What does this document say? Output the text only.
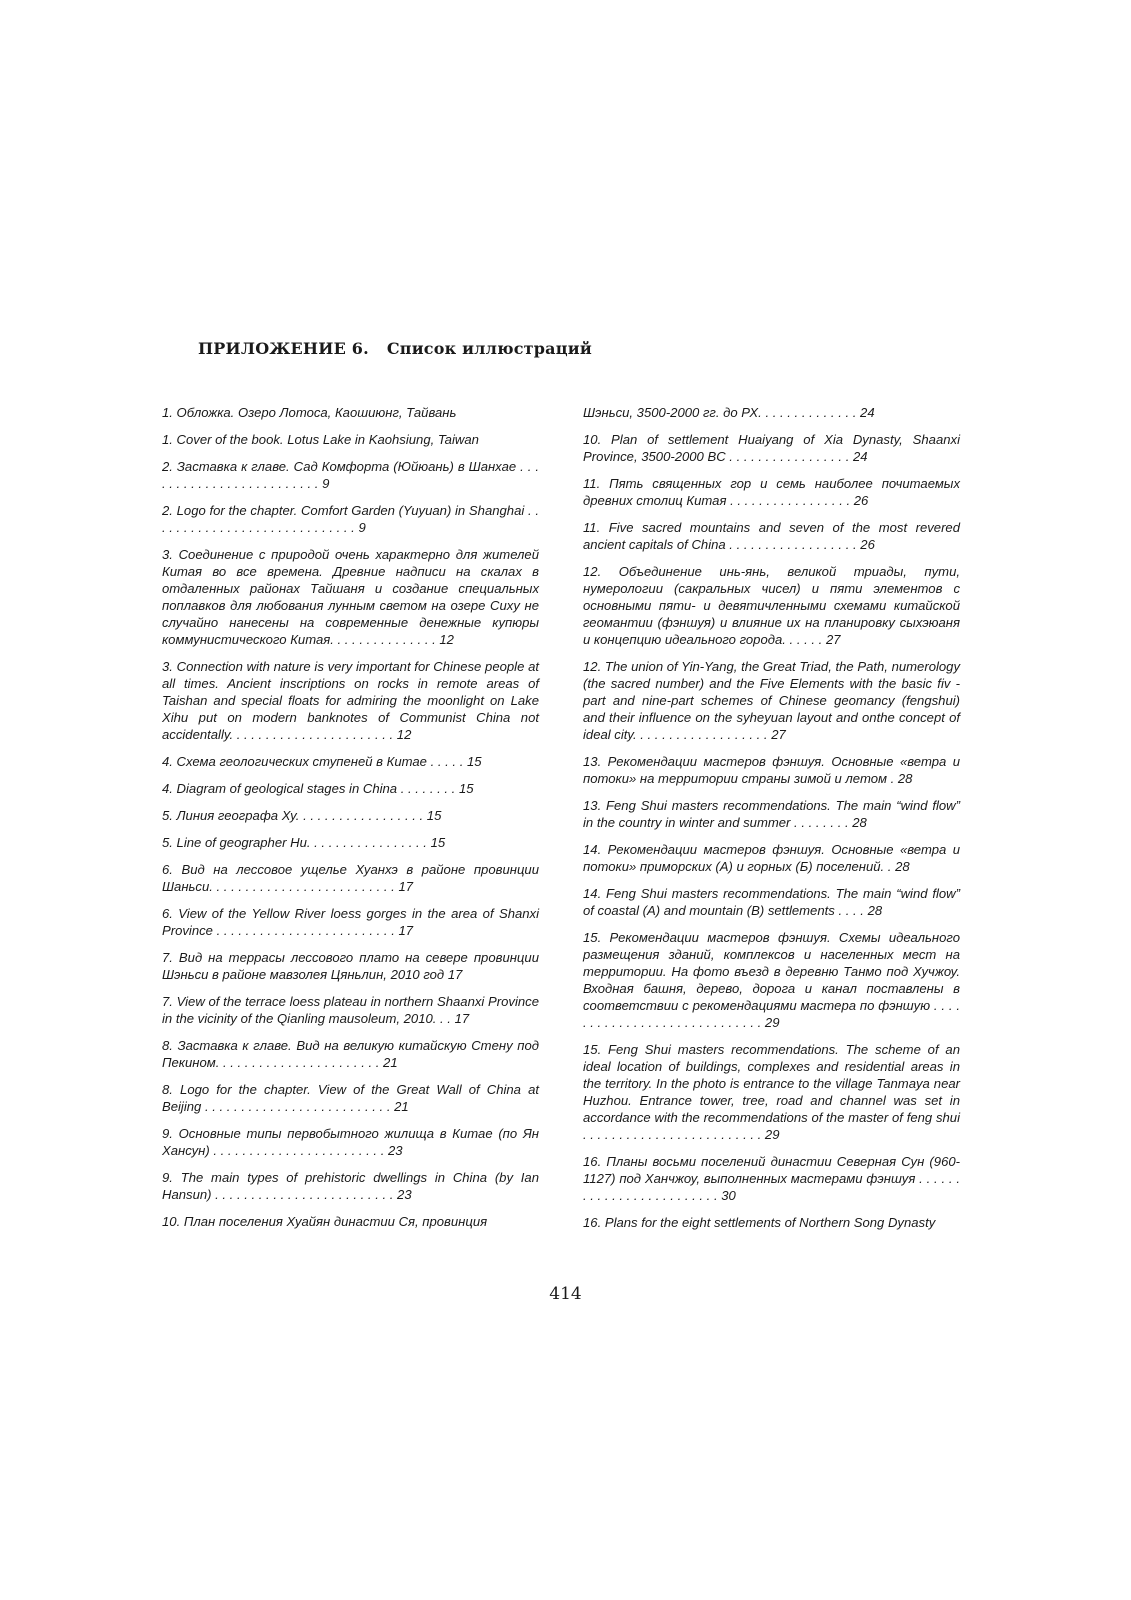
ПРИЛОЖЕНИЕ 6. Список иллюстраций

1. Обложка. Озеро Лотоса, Каошиюнг, Тайвань

1. Cover of the book. Lotus Lake in Kaohsiung, Taiwan

2. Заставка к главе. Сад Комфорта (Юйюань) в Шанхае . . . . . . . . . . . . . . . . . . . . . . . . . 9

2. Logo for the chapter. Comfort Garden (Yuyuan) in Shanghai . . . . . . . . . . . . . . . . . . . . . . . . . . . . . 9

3. Соединение с природой очень характерно для жителей Китая во все времена. Древние надписи на скалах в отдаленных районах Тайшаня и создание специальных поплавков для любования лунным светом на озере Сиху не случайно нанесены на современные денежные купюры коммунистического Китая. . . . . . . . . . . . . . . 12

3. Connection with nature is very important for Chinese people at all times. Ancient inscriptions on rocks in remote areas of Taishan and special floats for admiring the moonlight on Lake Xihu put on modern banknotes of Communist China not accidentally. . . . . . . . . . . . . . . . . . . . . . . 12

4. Схема геологических ступеней в Китае . . . . . 15

4. Diagram of geological stages in China . . . . . . . . 15

5. Линия географа Ху. . . . . . . . . . . . . . . . . . 15

5. Line of geographer Hu. . . . . . . . . . . . . . . . . 15

6. Вид на лессовое ущелье Хуанхэ в районе провинции Шаньси. . . . . . . . . . . . . . . . . . . . . . . . . . 17

6. View of the Yellow River loess gorges in the area of Shanxi Province . . . . . . . . . . . . . . . . . . . . . . . . . 17

7. Вид на террасы лессового плато на севере провинции Шэньси в районе мавзолея Цяньлин, 2010 год 17

7. View of the terrace loess plateau in northern Shaanxi Province in the vicinity of the Qianling mausoleum, 2010. . . 17

8. Заставка к главе. Вид на великую китайскую Стену под Пекином. . . . . . . . . . . . . . . . . . . . . . . 21

8. Logo for the chapter. View of the Great Wall of China at Beijing . . . . . . . . . . . . . . . . . . . . . . . . . . 21

9. Основные типы первобытного жилища в Китае (по Ян Хансун) . . . . . . . . . . . . . . . . . . . . . . . . 23

9. The main types of prehistoric dwellings in China (by Ian Hansun) . . . . . . . . . . . . . . . . . . . . . . . . . 23

10. План поселения Хуайян династии Ся, провинция

Шэньси, 3500-2000 гг. до РХ. . . . . . . . . . . . . . 24

10. Plan of settlement Huaiyang of Xia Dynasty, Shaanxi Province, 3500-2000 BC . . . . . . . . . . . . . . . . . 24

11. Пять священных гор и семь наиболее почитаемых древних столиц Китая . . . . . . . . . . . . . . . . . 26

11. Five sacred mountains and seven of the most revered ancient capitals of China . . . . . . . . . . . . . . . . . . 26

12. Объединение инь-янь, великой триады, пути, нумерологии (сакральных чисел) и пяти элементов с основными пяти- и девятичленными схемами китайской геомантии (фэншуя) и влияние их на планировку сыхэюаня и концепцию идеального города. . . . . . 27

12. The union of Yin-Yang, the Great Triad, the Path, numerology (the sacred number) and the Five Elements with the basic fiv -part and nine-part schemes of Chinese geomancy (fengshui) and their influence on the syheyuan layout and onthe concept of ideal city. . . . . . . . . . . . . . . . . . . 27

13. Рекомендации мастеров фэншуя. Основные «ветра и потоки» на территории страны зимой и летом . 28

13. Feng Shui masters recommendations. The main “wind flow” in the country in winter and summer . . . . . . . . 28

14. Рекомендации мастеров фэншуя. Основные «ветра и потоки» приморских (А) и горных (Б) поселений. . 28

14. Feng Shui masters recommendations. The main “wind flow” of coastal (A) and mountain (B) settlements . . . . 28

15. Рекомендации мастеров фэншуя. Схемы идеального размещения зданий, комплексов и населенных мест на территории. На фото въезд в деревню Танмо под Хучжоу. Входная башня, дерево, дорога и канал поставлены в соответствии с рекомендациями мастера по фэншую . . . . . . . . . . . . . . . . . . . . . . . . . . . . . 29

15. Feng Shui masters recommendations. The scheme of an ideal location of buildings, complexes and residential areas in the territory. In the photo is entrance to the village Tanmaya near Huzhou. Entrance tower, tree, road and channel was set in accordance with the recommendations of the master of feng shui . . . . . . . . . . . . . . . . . . . . . . . . . 29

16. Планы восьми поселений династии Северная Сун (960-1127) под Ханчжоу, выполненных мастерами фэншуя . . . . . . . . . . . . . . . . . . . . . . . . . 30

16. Plans for the eight settlements of Northern Song Dynasty

414
